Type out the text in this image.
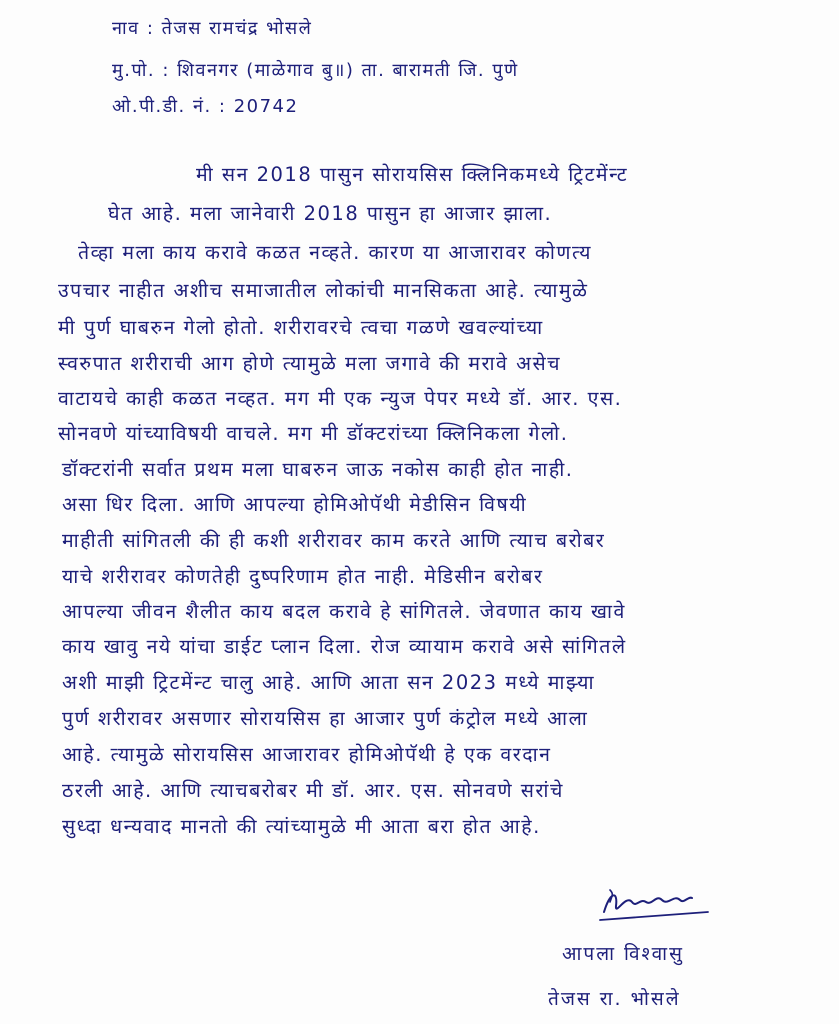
नाव : तेजस रामचंद्र भोसले
मु.पो. : शिवनगर (माळेगाव बु॥) ता. बारामती जि. पुणे
ओ.पी.डी. नं. : 20742
मी सन 2018 पासुन सोरायसिस क्लिनिकमध्ये ट्रिटमेंन्ट
घेत आहे. मला जानेवारी 2018 पासुन हा आजार झाला.
तेव्हा मला काय करावे कळत नव्हते. कारण या आजारावर कोणत्य
उपचार नाहीत अशीच समाजातील लोकांची मानसिकता आहे. त्यामुळे
मी पुर्ण घाबरुन गेलो होतो. शरीरावरचे त्वचा गळणे खवल्यांच्या
स्वरुपात शरीराची आग होणे त्यामुळे मला जगावे की मरावे असेच
वाटायचे काही कळत नव्हत. मग मी एक न्युज पेपर मध्ये डॉ. आर. एस.
सोनवणे यांच्याविषयी वाचले. मग मी डॉक्टरांच्या क्लिनिकला गेलो.
डॉक्टरांनी सर्वात प्रथम मला घाबरुन जाऊ नकोस काही होत नाही.
असा धिर दिला. आणि आपल्या होमिओपॅथी मेडीसिन विषयी
माहीती सांगितली की ही कशी शरीरावर काम करते आणि त्याच बरोबर
याचे शरीरावर कोणतेही दुष्परिणाम होत नाही. मेडिसीन बरोबर
आपल्या जीवन शैलीत काय बदल करावे हे सांगितले. जेवणात काय खावे
काय खावु नये यांचा डाईट प्लान दिला. रोज व्यायाम करावे असे सांगितले
अशी माझी ट्रिटमेंन्ट चालु आहे. आणि आता सन 2023 मध्ये माझ्या
पुर्ण शरीरावर असणार सोरायसिस हा आजार पुर्ण कंट्रोल मध्ये आला
आहे. त्यामुळे सोरायसिस आजारावर होमिओपॅथी हे एक वरदान
ठरली आहे. आणि त्याचबरोबर मी डॉ. आर. एस. सोनवणे सरांचे
सुध्दा धन्यवाद मानतो की त्यांच्यामुळे मी आता बरा होत आहे.
आपला विश्वासु
तेजस रा. भोसले
